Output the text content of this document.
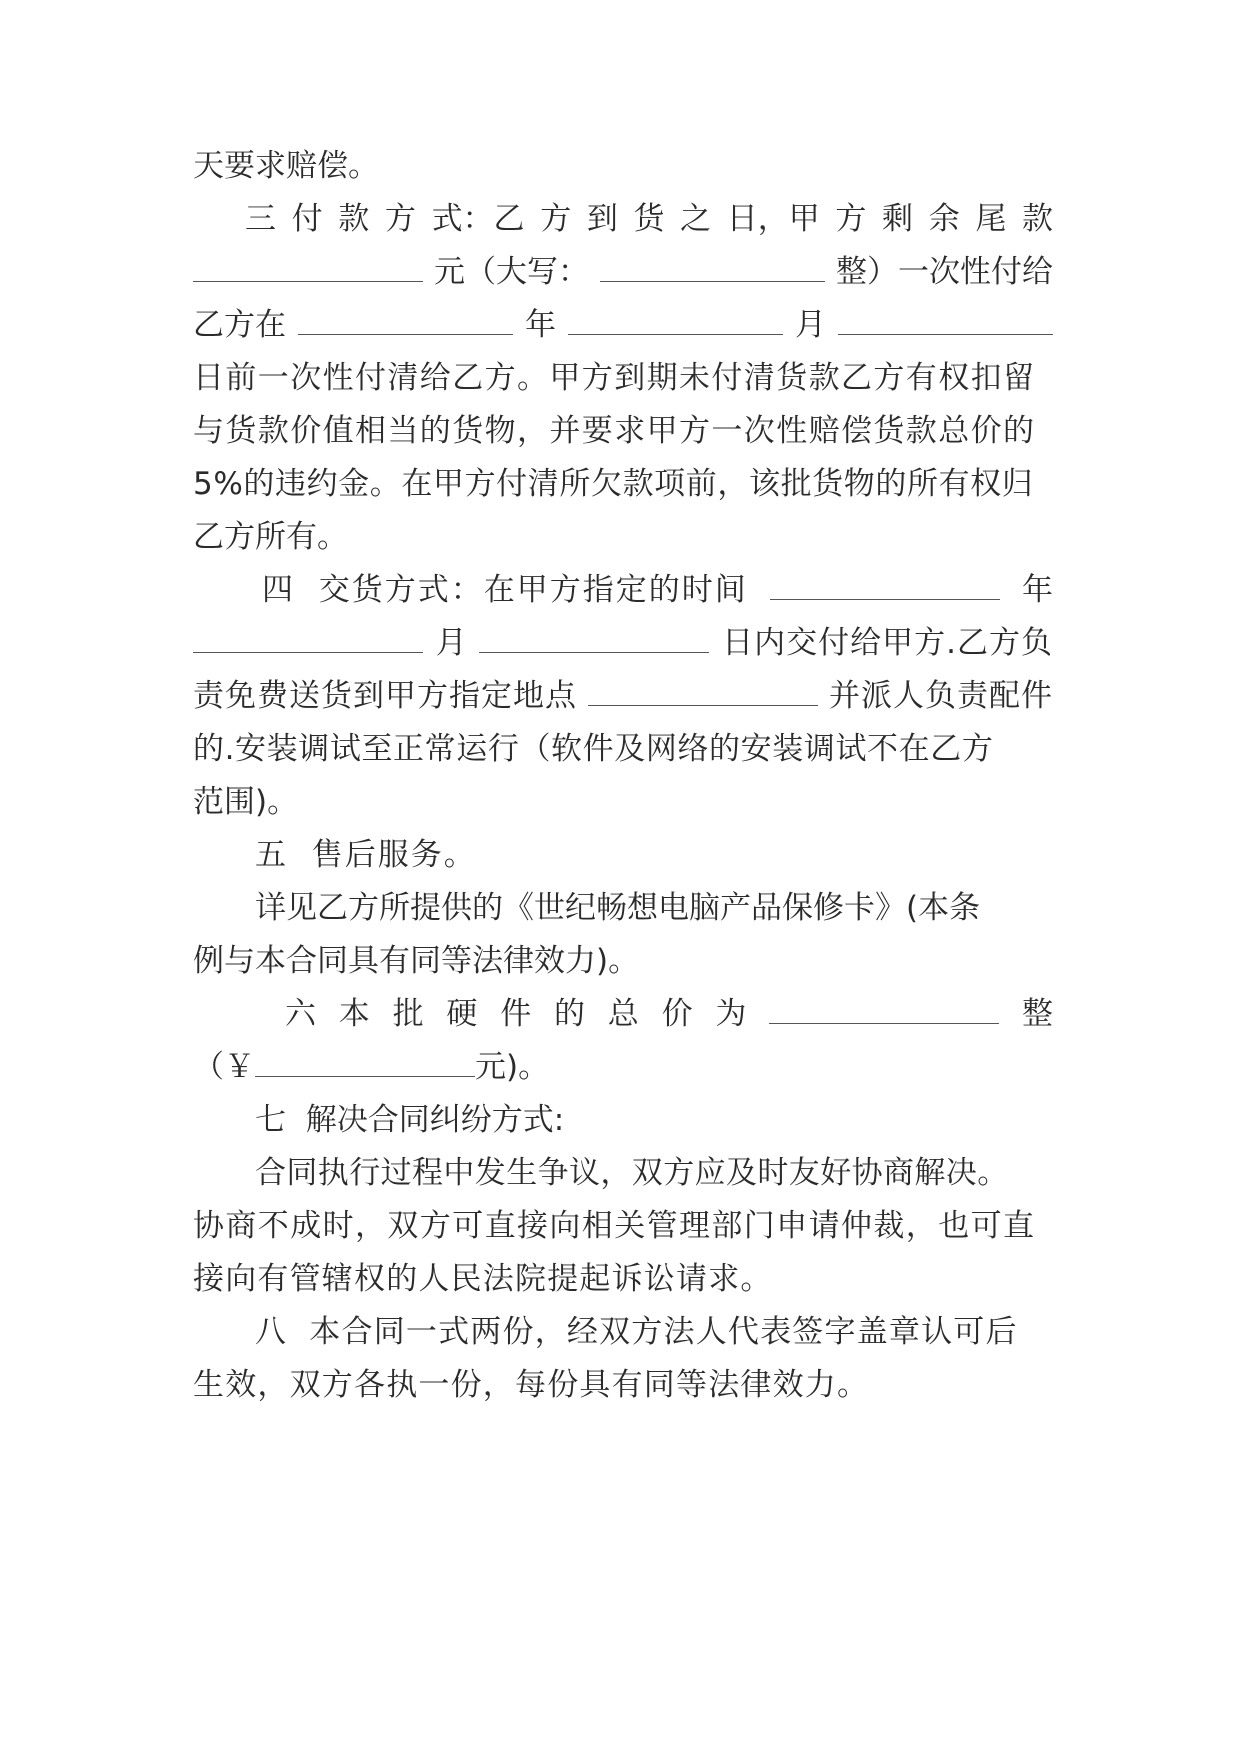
天要求赔偿。
三 付 款 方 式：乙 方 到 货 之 日，甲 方 剩 余 尾 款
元（大写：	整）一次性付给
乙方在	年	月
日前一次性付清给乙方。甲方到期未付清货款乙方有权扣留
与货款价值相当的货物，并要求甲方一次性赔偿货款总价的
5%的违约金。在甲方付清所欠款项前，该批货物的所有权归
乙方所有。
四  交货方式：在甲方指定的时间	年
月	日内交付给甲方.乙方负
责免费送货到甲方指定地点	并派人负责配件
的.安装调试至正常运行（软件及网络的安装调试不在乙方
范围)。
五  售后服务。
详见乙方所提供的《世纪畅想电脑产品保修卡》(本条
例与本合同具有同等法律效力)。
六 本 批 硬 件 的 总 价 为	整
（￥	元)。
七  解决合同纠纷方式:
合同执行过程中发生争议，双方应及时友好协商解决。
协商不成时，双方可直接向相关管理部门申请仲裁，也可直
接向有管辖权的人民法院提起诉讼请求。
八  本合同一式两份，经双方法人代表签字盖章认可后
生效，双方各执一份，每份具有同等法律效力。
